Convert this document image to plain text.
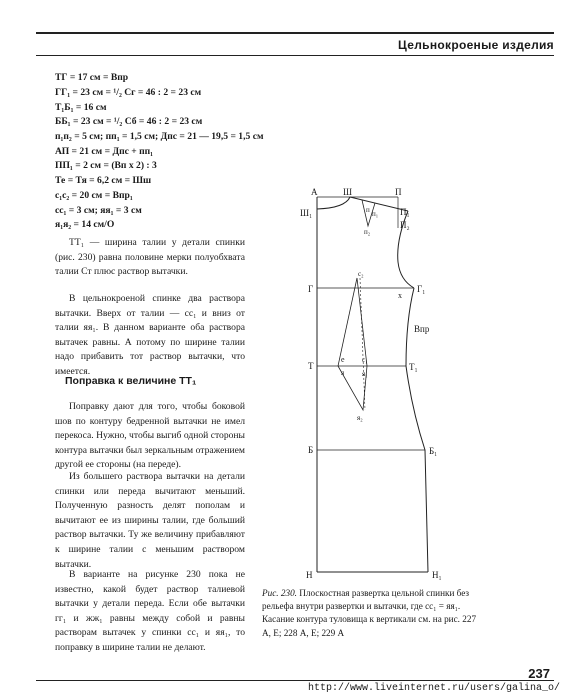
Цельнокроеные изделия
ТГ = 17 см = Впр
ГГ₁ = 23 см = ¹/₂ Сг = 46 : 2 = 23 см
Т₁Б₁ = 16 см
ББ₁ = 23 см = ¹/₂ Сб = 46 : 2 = 23 см
п₁п₂ = 5 см; пп₁ = 1,5 см; Дпс = 21 — 19,5 = 1,5 см
АП = 21 см = Дпс + пп₁
ПП₁ = 2 см = (Вп х 2) : 3
Те = Тя = 6,2 см = Шш
с₁с₂ = 20 см = Впр₁
сс₁ = 3 см; яя₁ = 3 см
я₁я₂ = 14 см/О

ТТ₁ — ширина талии у детали спинки (рис. 230) равна половине мерки полуобхвата талии Ст плюс раствор вытачки.

В цельнокроеной спинке два раствора вытачки. Вверх от талии — сс₁ и вниз от талии яя₁. В данном варианте оба раствора вытачек равны. А потому по ширине талии надо прибавить тот раствор вытачки, что имеется.

Поправка к величине ТТ₁

Поправку дают для того, чтобы боковой шов по контуру бедренной вытачки не имел перекоса. Нужно, чтобы выгиб одной стороны контура вытачки был зеркальным отражением другой ее стороны (на переде).

Из большего раствора вытачки на детали спинки или переда вычитают меньший. Полученную разность делят пополам и вычитают ее из ширины талии, где больший раствор вытачки. Ту же величину прибавляют к ширине талии с меньшим раствором вытачки.

В варианте на рисунке 230 пока не известно, какой будет раствор талиевой вытачки у детали переда. Если обе вытачки гг₁ и жж₁ равны между собой и равны растворам вытачек у спинки сс₁ и яя₁, то поправку в ширине талии не делают.

А	Ш	П
Ш₁	П₁
П₂
п п₁
п₂
Г	Г₁
х
Впр
с₂
Т	Т₁
е с₁
я	я₁
я₂
Б	Б₁
Н	Н₁

Рис. 230. Плоскостная развертка цельной спинки без рельефа внутри развертки и вытачки, где сс₁ = яя₁. Касание контура туловища к вертикали см. на рис. 227 А, Е; 228 А, Е; 229 А

237
http://www.liveinternet.ru/users/galina_o/
